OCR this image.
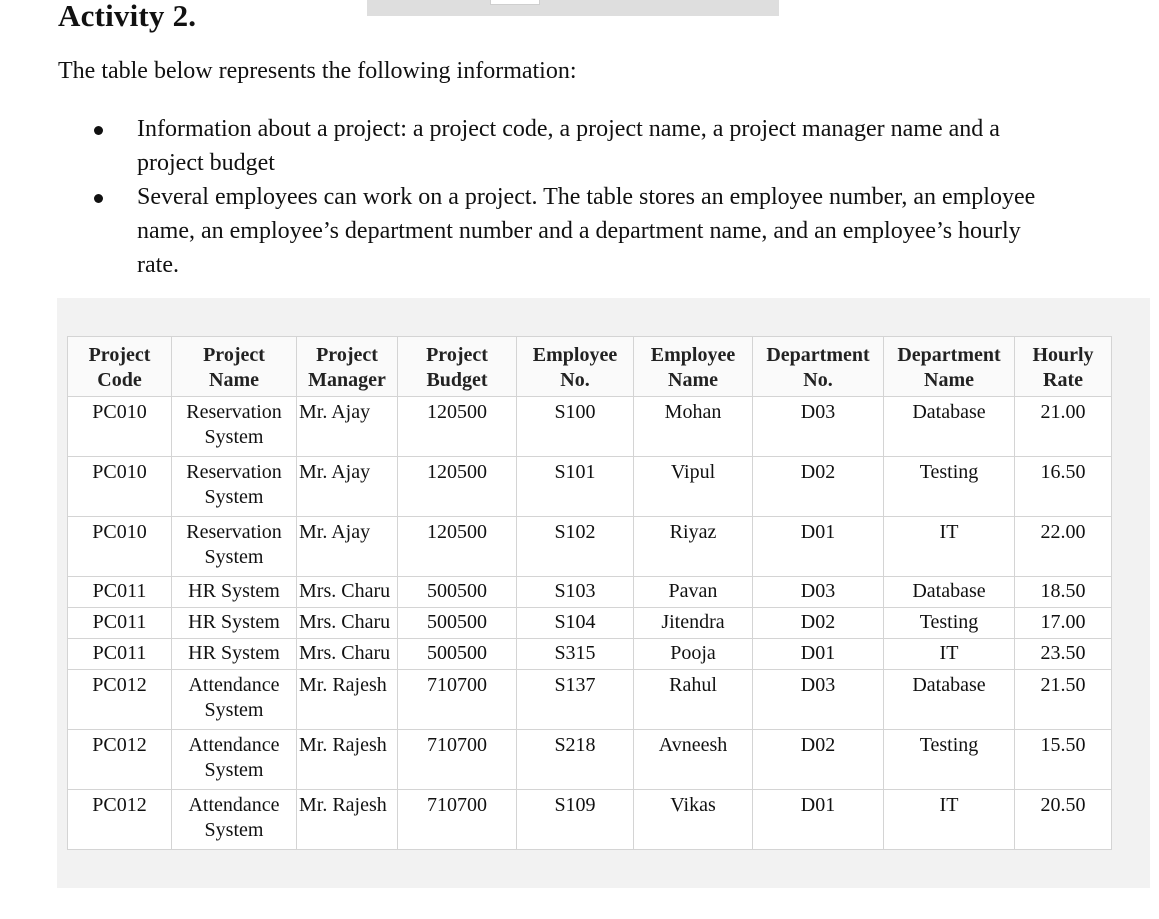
Activity 2.

The table below represents the following information:

Information about a project: a project code, a project name, a project manager name and a project budget
Several employees can work on a project. The table stores an employee number, an employee name, an employee’s department number and a department name, and an employee’s hourly rate.
Project Code	Project Name	Project Manager	Project Budget	Employee No.	Employee Name	Department No.	Department Name	Hourly Rate
PC010	Reservation System	Mr. Ajay	120500	S100	Mohan	D03	Database	21.00
PC010	Reservation System	Mr. Ajay	120500	S101	Vipul	D02	Testing	16.50
PC010	Reservation System	Mr. Ajay	120500	S102	Riyaz	D01	IT	22.00
PC011	HR System	Mrs. Charu	500500	S103	Pavan	D03	Database	18.50
PC011	HR System	Mrs. Charu	500500	S104	Jitendra	D02	Testing	17.00
PC011	HR System	Mrs. Charu	500500	S315	Pooja	D01	IT	23.50
PC012	Attendance System	Mr. Rajesh	710700	S137	Rahul	D03	Database	21.50
PC012	Attendance System	Mr. Rajesh	710700	S218	Avneesh	D02	Testing	15.50
PC012	Attendance System	Mr. Rajesh	710700	S109	Vikas	D01	IT	20.50
